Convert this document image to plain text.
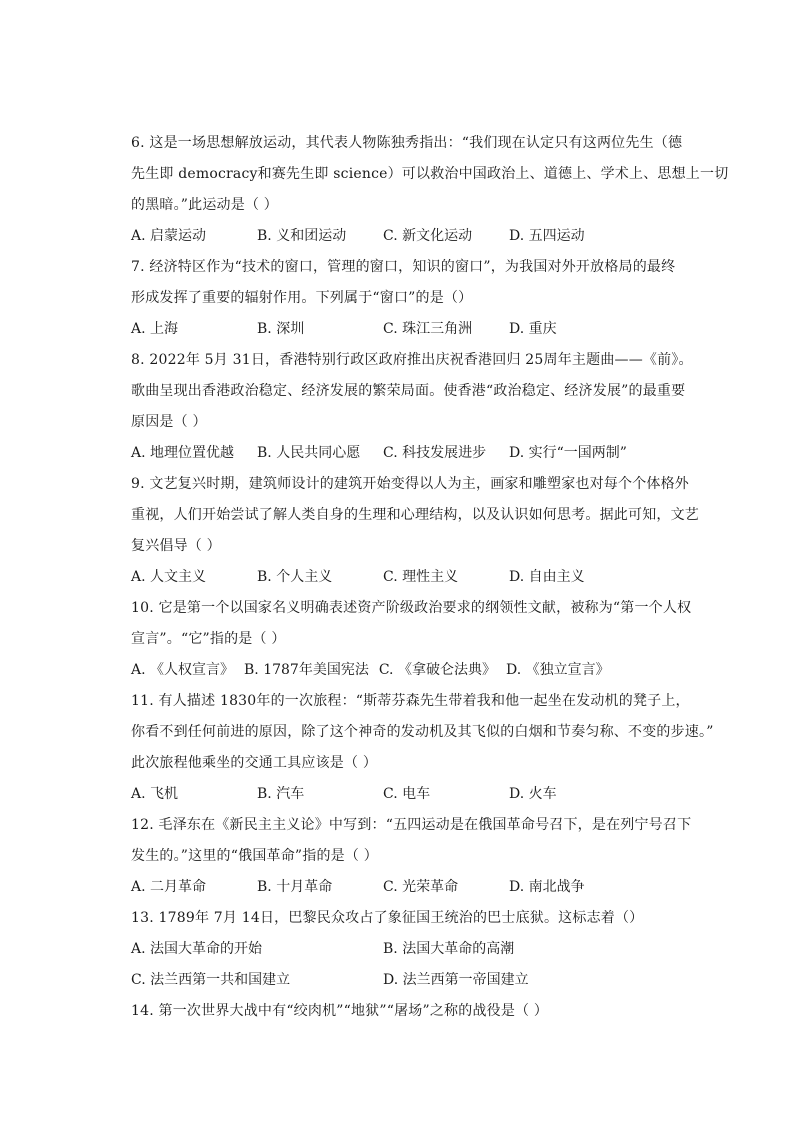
6. 这是一场思想解放运动，其代表人物陈独秀指出：“我们现在认定只有这两位先生（德
先生即 democracy和赛先生即 science）可以救治中国政治上、道德上、学术上、思想上一切
的黑暗。”此运动是（ ）
A. 启蒙运动	B. 义和团运动	C. 新文化运动	D. 五四运动
7. 经济特区作为“技术的窗口，管理的窗口，知识的窗口”，为我国对外开放格局的最终
形成发挥了重要的辐射作用。下列属于“窗口”的是（）
A. 上海	B. 深圳	C. 珠江三角洲	D. 重庆
8. 2022年 5月 31日，香港特别行政区政府推出庆祝香港回归 25周年主题曲——《前》。
歌曲呈现出香港政治稳定、经济发展的繁荣局面。使香港“政治稳定、经济发展”的最重要
原因是（ ）
A. 地理位置优越	B. 人民共同心愿	C. 科技发展进步	D. 实行“一国两制”
9. 文艺复兴时期，建筑师设计的建筑开始变得以人为主，画家和雕塑家也对每个个体格外
重视，人们开始尝试了解人类自身的生理和心理结构，以及认识如何思考。据此可知，文艺
复兴倡导（ ）
A. 人文主义	B. 个人主义	C. 理性主义	D. 自由主义
10. 它是第一个以国家名义明确表述资产阶级政治要求的纲领性文献，被称为“第一个人权
宣言”。“它”指的是（ ）
A. 《人权宣言》 B. 1787年美国宪法 C. 《拿破仑法典》 D. 《独立宣言》
11. 有人描述 1830年的一次旅程：“斯蒂芬森先生带着我和他一起坐在发动机的凳子上，
你看不到任何前进的原因，除了这个神奇的发动机及其飞似的白烟和节奏匀称、不变的步速。”
此次旅程他乘坐的交通工具应该是（ ）
A. 飞机	B. 汽车	C. 电车	D. 火车
12. 毛泽东在《新民主主义论》中写到：“五四运动是在俄国革命号召下，是在列宁号召下
发生的。”这里的“俄国革命”指的是（ ）
A. 二月革命	B. 十月革命	C. 光荣革命	D. 南北战争
13. 1789年 7月 14日，巴黎民众攻占了象征国王统治的巴士底狱。这标志着（）
A. 法国大革命的开始	B. 法国大革命的高潮
C. 法兰西第一共和国建立	D. 法兰西第一帝国建立
14. 第一次世界大战中有“绞肉机”“地狱”“屠场”之称的战役是（ ）
